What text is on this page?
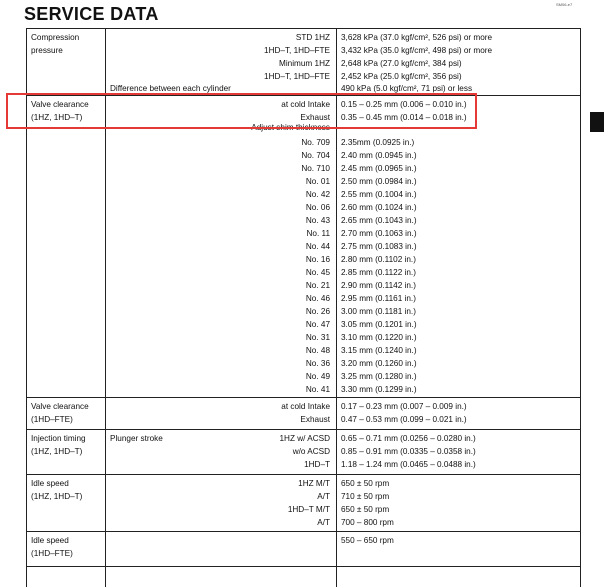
SERVICE DATA	SM06-e7
Compression
pressure
STD 1HZ
1HD–T, 1HD–FTE
Minimum 1HZ
1HD–T, 1HD–FTE
Difference between each cylinder
3,628 kPa (37.0 kgf/cm², 526 psi) or more
3,432 kPa (35.0 kgf/cm², 498 psi) or more
2,648 kPa (27.0 kgf/cm², 384 psi)
2,452 kPa (25.0 kgf/cm², 356 psi)
490 kPa (5.0 kgf/cm², 71 psi) or less
Valve clearance
(1HZ, 1HD–T)
at cold Intake
Exhaust
Adjust shim thickness
No. 709
No. 704
No. 710
No. 01
No. 42
No. 06
No. 43
No. 11
No. 44
No. 16
No. 45
No. 21
No. 46
No. 26
No. 47
No. 31
No. 48
No. 36
No. 49
No. 41
0.15 – 0.25 mm (0.006 – 0.010 in.)
0.35 – 0.45 mm (0.014 – 0.018 in.)
2.35mm (0.0925 in.)
2.40 mm (0.0945 in.)
2.45 mm (0.0965 in.)
2.50 mm (0.0984 in.)
2.55 mm (0.1004 in.)
2.60 mm (0.1024 in.)
2.65 mm (0.1043 in.)
2.70 mm (0.1063 in.)
2.75 mm (0.1083 in.)
2.80 mm (0.1102 in.)
2.85 mm (0.1122 in.)
2.90 mm (0.1142 in.)
2.95 mm (0.1161 in.)
3.00 mm (0.1181 in.)
3.05 mm (0.1201 in.)
3.10 mm (0.1220 in.)
3.15 mm (0.1240 in.)
3.20 mm (0.1260 in.)
3.25 mm (0.1280 in.)
3.30 mm (0.1299 in.)
Valve clearance
(1HD–FTE)
at cold Intake
Exhaust
0.17 – 0.23 mm (0.007 – 0.009 in.)
0.47 – 0.53 mm (0.099 – 0.021 in.)
Injection timing
(1HZ, 1HD–T)
Plunger stroke	1HZ w/ ACSD
w/o ACSD
1HD–T
0.65 – 0.71 mm (0.0256 – 0.0280 in.)
0.85 – 0.91 mm (0.0335 – 0.0358 in.)
1.18 – 1.24 mm (0.0465 – 0.0488 in.)
Idle speed
(1HZ, 1HD–T)
1HZ M/T
A/T
1HD–T M/T
A/T
650 ± 50 rpm
710 ± 50 rpm
650 ± 50 rpm
700 – 800 rpm
Idle speed
(1HD–FTE)
550 – 650 rpm
